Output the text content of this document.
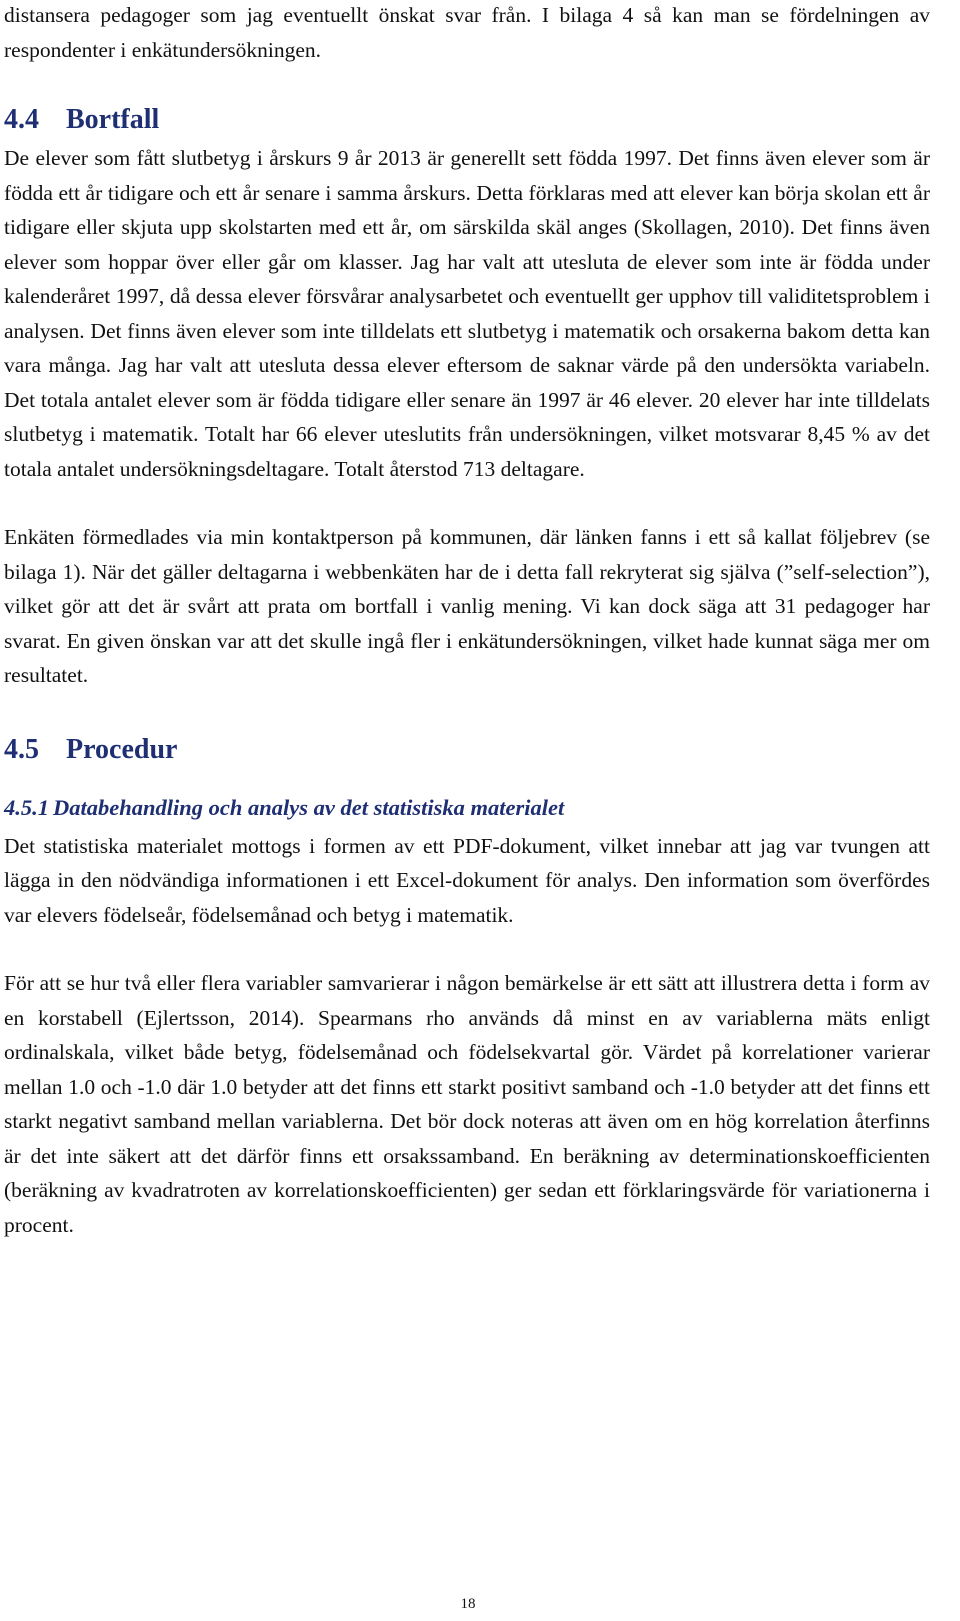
distansera pedagoger som jag eventuellt önskat svar från. I bilaga 4 så kan man se fördelningen av respondenter i enkätundersökningen.

4.4 Bortfall

De elever som fått slutbetyg i årskurs 9 år 2013 är generellt sett födda 1997. Det finns även elever som är födda ett år tidigare och ett år senare i samma årskurs. Detta förklaras med att elever kan börja skolan ett år tidigare eller skjuta upp skolstarten med ett år, om särskilda skäl anges (Skollagen, 2010). Det finns även elever som hoppar över eller går om klasser. Jag har valt att utesluta de elever som inte är födda under kalenderåret 1997, då dessa elever försvårar analysarbetet och eventuellt ger upphov till validitetsproblem i analysen. Det finns även elever som inte tilldelats ett slutbetyg i matematik och orsakerna bakom detta kan vara många. Jag har valt att utesluta dessa elever eftersom de saknar värde på den undersökta variabeln. Det totala antalet elever som är födda tidigare eller senare än 1997 är 46 elever. 20 elever har inte tilldelats slutbetyg i matematik. Totalt har 66 elever uteslutits från undersökningen, vilket motsvarar 8,45 % av det totala antalet undersökningsdeltagare. Totalt återstod 713 deltagare.

Enkäten förmedlades via min kontaktperson på kommunen, där länken fanns i ett så kallat följebrev (se bilaga 1). När det gäller deltagarna i webbenkäten har de i detta fall rekryterat sig själva (”self-selection”), vilket gör att det är svårt att prata om bortfall i vanlig mening. Vi kan dock säga att 31 pedagoger har svarat. En given önskan var att det skulle ingå fler i enkätundersökningen, vilket hade kunnat säga mer om resultatet.

4.5 Procedur
4.5.1 Databehandling och analys av det statistiska materialet

Det statistiska materialet mottogs i formen av ett PDF-dokument, vilket innebar att jag var tvungen att lägga in den nödvändiga informationen i ett Excel-dokument för analys. Den information som överfördes var elevers födelseår, födelsemånad och betyg i matematik.

För att se hur två eller flera variabler samvarierar i någon bemärkelse är ett sätt att illustrera detta i form av en korstabell (Ejlertsson, 2014). Spearmans rho används då minst en av variablerna mäts enligt ordinalskala, vilket både betyg, födelsemånad och födelsekvartal gör. Värdet på korrelationer varierar mellan 1.0 och -1.0 där 1.0 betyder att det finns ett starkt positivt samband och -1.0 betyder att det finns ett starkt negativt samband mellan variablerna. Det bör dock noteras att även om en hög korrelation återfinns är det inte säkert att det därför finns ett orsakssamband. En beräkning av determinationskoefficienten (beräkning av kvadratroten av korrelationskoefficienten) ger sedan ett förklaringsvärde för variationerna i procent.

18
